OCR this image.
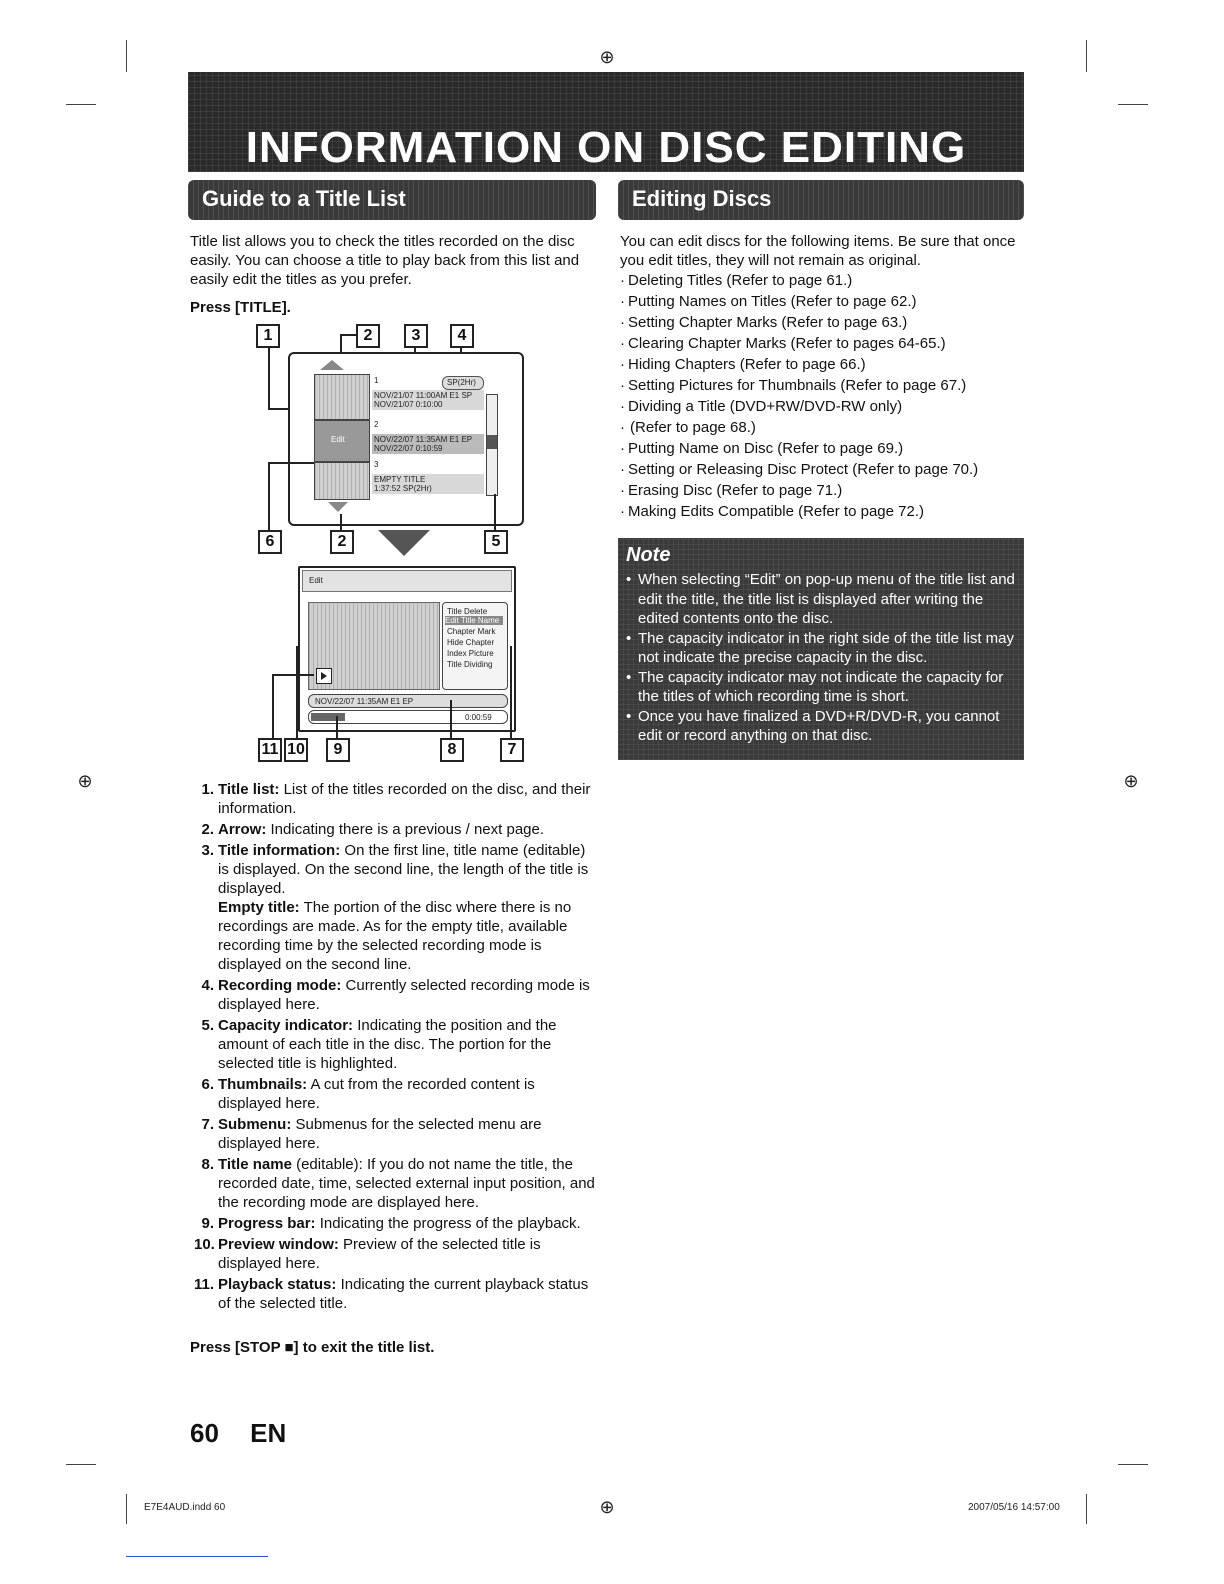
⊕
⊕	⊕
⊕
INFORMATION ON DISC EDITING
Guide to a Title List	Editing Discs
Title list allows you to check the titles recorded on the disc easily. You can choose a title to play back from this list and easily edit the titles as you prefer.
Press [TITLE].
1	2	3	4
Edit
SP(2Hr)
1
NOV/21/07 11:00AM E1 SP
NOV/21/07 0:10:00
2
NOV/22/07 11:35AM E1 EP
NOV/22/07 0:10:59
3
EMPTY TITLE
1:37:52 SP(2Hr)
6	2	5
Edit
Title Delete
Edit Title Name
Chapter Mark
Hide Chapter
Index Picture
Title Dividing
NOV/22/07 11:35AM E1 EP
0:00:59
11 10	9	8	7
1. Title list: List of the titles recorded on the disc, and their information.
2. Arrow: Indicating there is a previous / next page.
3. Title information: On the first line, title name (editable) is displayed. On the second line, the length of the title is displayed.
Empty title: The portion of the disc where there is no recordings are made. As for the empty title, available recording time by the selected recording mode is displayed on the second line.
4. Recording mode: Currently selected recording mode is displayed here.
5. Capacity indicator: Indicating the position and the amount of each title in the disc. The portion for the selected title is highlighted.
6. Thumbnails: A cut from the recorded content is displayed here.
7. Submenu: Submenus for the selected menu are displayed here.
8. Title name (editable): If you do not name the title, the recorded date, time, selected external input position, and the recording mode are displayed here.
9. Progress bar: Indicating the progress of the playback.
10. Preview window: Preview of the selected title is displayed here.
11. Playback status: Indicating the current playback status of the selected title.
Press [STOP ■] to exit the title list.
You can edit discs for the following items. Be sure that once you edit titles, they will not remain as original.
· Deleting Titles (Refer to page 61.)
· Putting Names on Titles (Refer to page 62.)
· Setting Chapter Marks (Refer to page 63.)
· Clearing Chapter Marks (Refer to pages 64-65.)
· Hiding Chapters (Refer to page 66.)
· Setting Pictures for Thumbnails (Refer to page 67.)
· Dividing a Title (DVD+RW/DVD-RW only)
· (Refer to page 68.)
· Putting Name on Disc (Refer to page 69.)
· Setting or Releasing Disc Protect (Refer to page 70.)
· Erasing Disc (Refer to page 71.)
· Making Edits Compatible (Refer to page 72.)
Note
• When selecting “Edit” on pop-up menu of the title list and edit the title, the title list is displayed after writing the edited contents onto the disc.
• The capacity indicator in the right side of the title list may not indicate the precise capacity in the disc.
• The capacity indicator may not indicate the capacity for the titles of which recording time is short.
• Once you have finalized a DVD+R/DVD-R, you cannot edit or record anything on that disc.
60 EN
E7E4AUD.indd 60	2007/05/16 14:57:00
